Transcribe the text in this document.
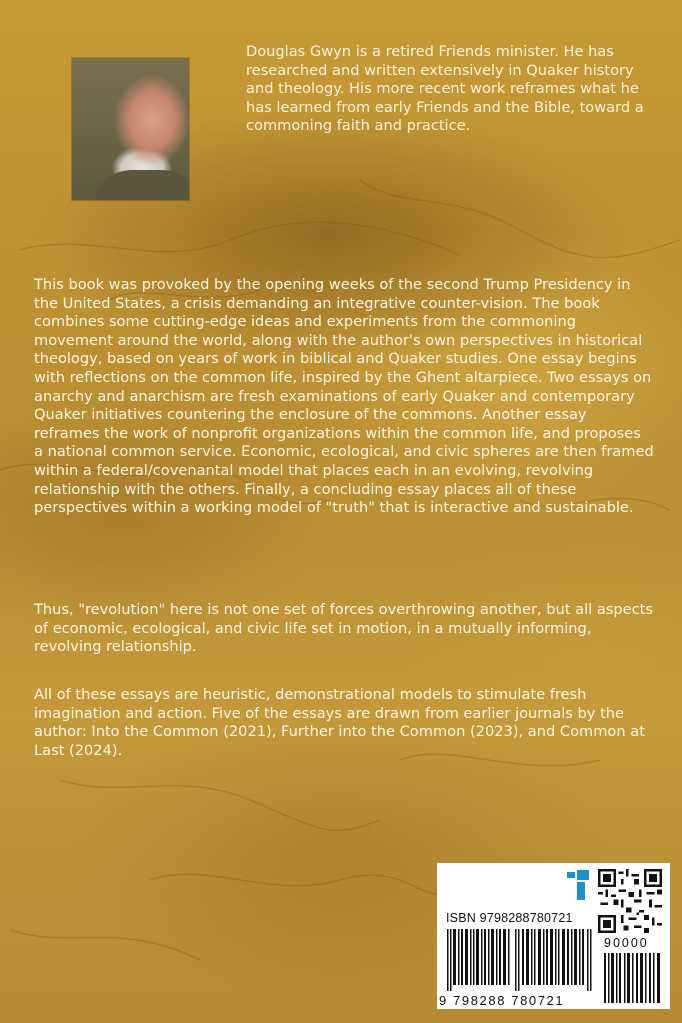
Douglas Gwyn is a retired Friends minister. He has researched and written extensively in Quaker history and theology. His more recent work reframes what he has learned from early Friends and the Bible, toward a commoning faith and practice.

This book was provoked by the opening weeks of the second Trump Presidency in the United States, a crisis demanding an integrative counter-vision. The book combines some cutting-edge ideas and experiments from the commoning movement around the world, along with the author's own perspectives in historical theology, based on years of work in biblical and Quaker studies. One essay begins with reflections on the common life, inspired by the Ghent altarpiece. Two essays on anarchy and anarchism are fresh examinations of early Quaker and contemporary Quaker initiatives countering the enclosure of the commons. Another essay reframes the work of nonprofit organizations within the common life, and proposes a national common service. Economic, ecological, and civic spheres are then framed within a federal/covenantal model that places each in an evolving, revolving relationship with the others. Finally, a concluding essay places all of these perspectives within a working model of "truth" that is interactive and sustainable.

Thus, "revolution" here is not one set of forces overthrowing another, but all aspects of economic, ecological, and civic life set in motion, in a mutually informing, revolving relationship.

All of these essays are heuristic, demonstrational models to stimulate fresh imagination and action. Five of the essays are drawn from earlier journals by the author: Into the Common (2021), Further into the Common (2023), and Common at Last (2024).

ISBN 9798288780721
90000
9 798288 780721
